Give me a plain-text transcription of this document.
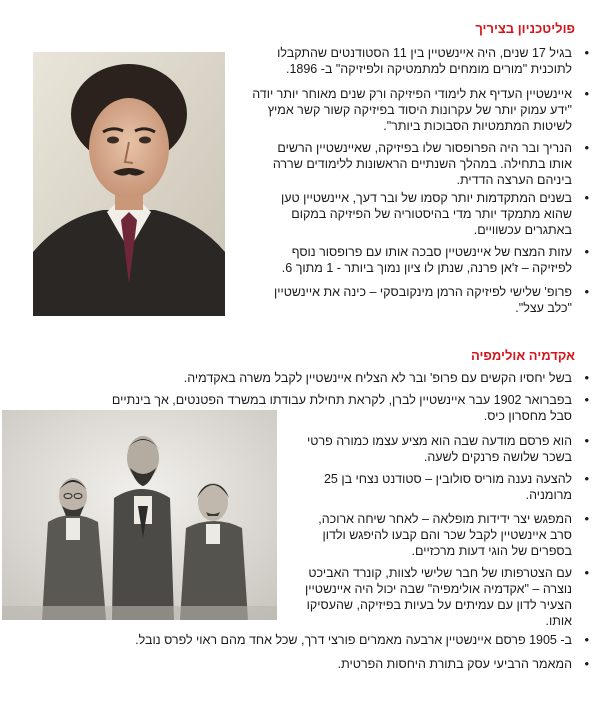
פוליטכניון בציריך

• בגיל 17 שנים, היה איינשטיין בין 11 הסטודנטים שהתקבלו לתוכנית "מורים מומחים למתמטיקה ולפיזיקה" ב- 1896.

• איינשטיין העדיף את לימודי הפיזיקה ורק שנים מאוחר יותר יודה "ידע עמוק יותר של עקרונות היסוד בפיזיקה קשור קשר אמיץ לשיטות המתמטיות הסבוכות ביותר".

• הנריך ובר היה הפרופסור שלו בפיזיקה, שאיינשטיין הרשים אותו בתחילה. במהלך השנתיים הראשונות ללימודים שררה ביניהם הערצה הדדית.

• בשנים המתקדמות יותר קסמו של ובר דעך, איינשטיין טען שהוא מתמקד יותר מדי בהיסטוריה של הפיזיקה במקום באתגרים עכשוויים.

• עזות המצח של איינשטיין סבכה אותו עם פרופסור נוסף לפיזיקה – ז'אן פרנה, שנתן לו ציון נמוך ביותר - 1 מתוך 6.

• פרופ' שלישי לפיזיקה הרמן מינקובסקי – כינה את איינשטיין "כלב עצל".

אקדמיה אולימפיה

• בשל יחסיו הקשים עם פרופ' ובר לא הצליח איינשטיין לקבל משרה באקדמיה.

• בפברואר 1902 עבר איינשטיין לברן, לקראת תחילת עבודתו במשרד הפטנטים, אך בינתיים סבל מחסרון כיס.

• הוא פרסם מודעה שבה הוא מציע עצמו כמורה פרטי בשכר שלושה פרנקים לשעה.

• להצעה נענה מוריס סולובין – סטודנט נצחי בן 25 מרומניה.

• המפגש יצר ידידות מופלאה – לאחר שיחה ארוכה, סרב איינשטיין לקבל שכר והם קבעו להיפגש ולדון בספרים של הוגי דעות מרכזיים.

• עם הצטרפותו של חבר שלישי לצוות, קונרד האביכט נוצרה – "אקדמיה אולימפיה" שבה יכול היה איינשטיין הצעיר לדון עם עמיתים על בעיות בפיזיקה, שהעסיקו אותו.

• ב- 1905 פרסם איינשטיין ארבעה מאמרים פורצי דרך, שכל אחד מהם ראוי לפרס נובל.

• המאמר הרביעי עסק בתורת היחסות הפרטית.
